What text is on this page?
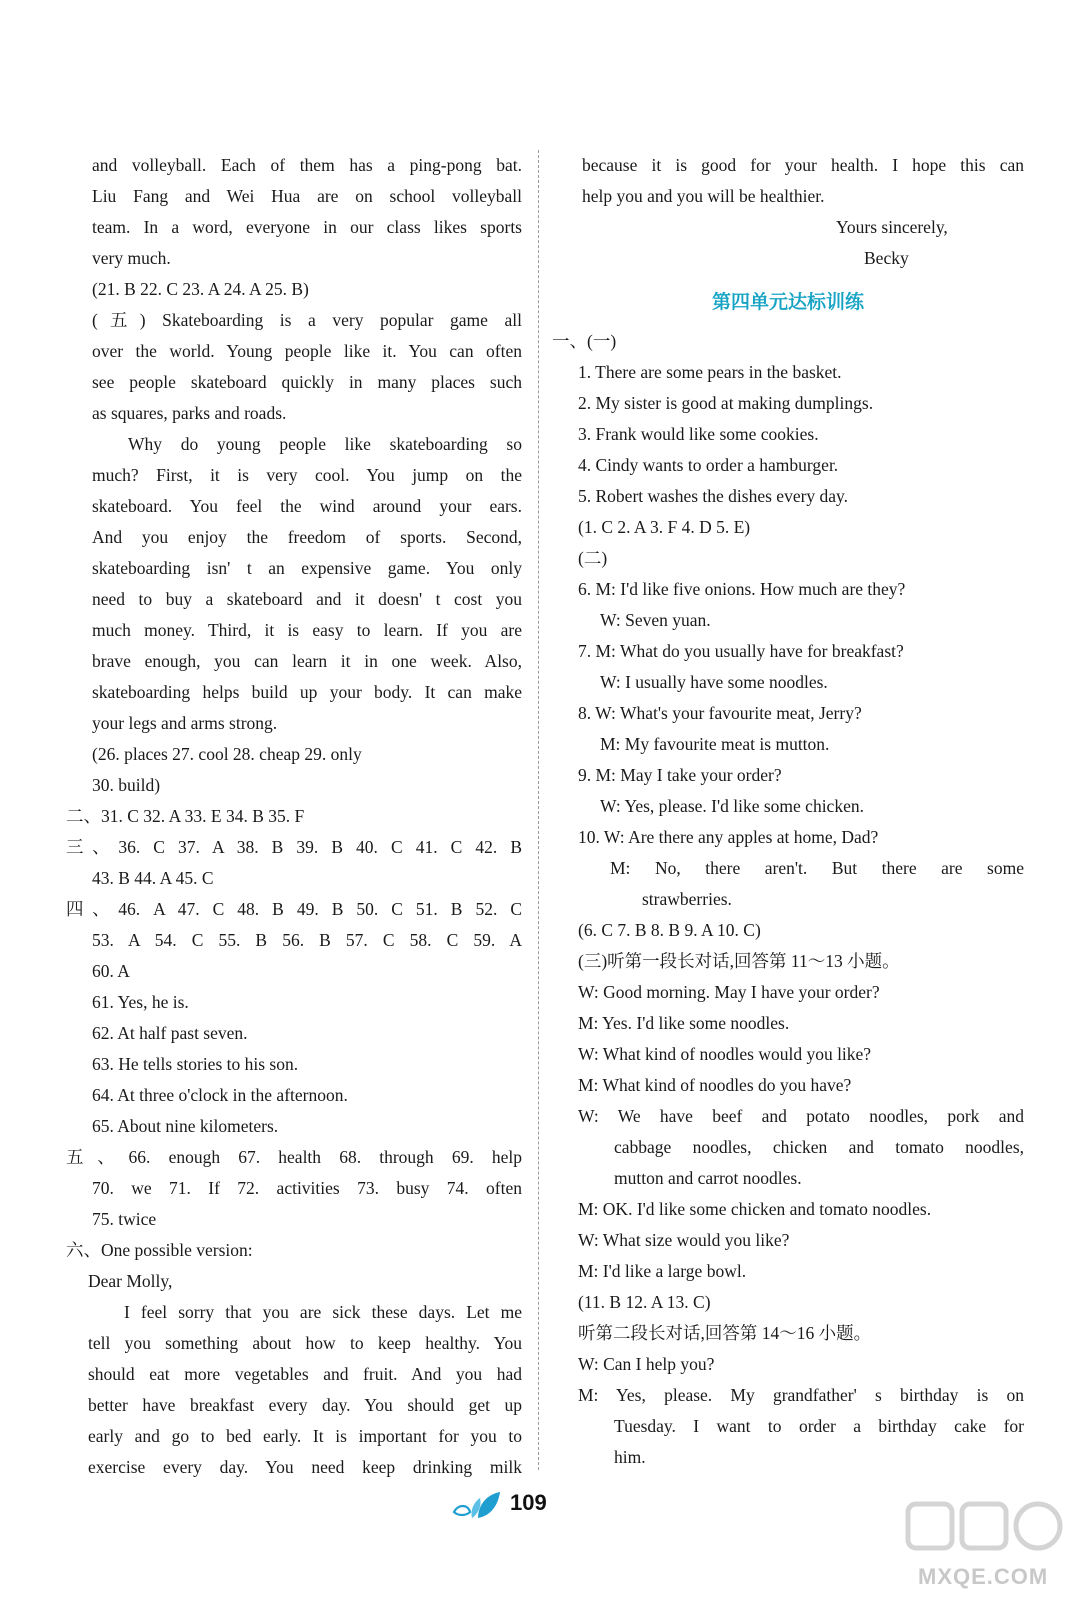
and volleyball. Each of them has a ping-pong bat.
Liu Fang and Wei Hua are on school volleyball
team. In a word, everyone in our class likes sports
very much.
(21. B 22. C 23. A 24. A 25. B)
(五) Skateboarding is a very popular game all
over the world. Young people like it. You can often
see people skateboard quickly in many places such
as squares, parks and roads.
Why do young people like skateboarding so
much? First, it is very cool. You jump on the
skateboard. You feel the wind around your ears.
And you enjoy the freedom of sports. Second,
skateboarding isn' t an expensive game. You only
need to buy a skateboard and it doesn' t cost you
much money. Third, it is easy to learn. If you are
brave enough, you can learn it in one week. Also,
skateboarding helps build up your body. It can make
your legs and arms strong.
(26. places 27. cool 28. cheap 29. only
30. build)
二、31. C 32. A 33. E 34. B 35. F
三、36. C 37. A 38. B 39. B 40. C 41. C 42. B
43. B 44. A 45. C
四、46. A 47. C 48. B 49. B 50. C 51. B 52. C
53. A 54. C 55. B 56. B 57. C 58. C 59. A
60. A
61. Yes, he is.
62. At half past seven.
63. He tells stories to his son.
64. At three o'clock in the afternoon.
65. About nine kilometers.
五、66. enough 67. health 68. through 69. help
70. we 71. If 72. activities 73. busy 74. often
75. twice
六、One possible version:
Dear Molly,
I feel sorry that you are sick these days. Let me
tell you something about how to keep healthy. You
should eat more vegetables and fruit. And you had
better have breakfast every day. You should get up
early and go to bed early. It is important for you to
exercise every day. You need keep drinking milk
because it is good for your health. I hope this can
help you and you will be healthier.
Yours sincerely,
Becky
第四单元达标训练
一、(一)
1. There are some pears in the basket.
2. My sister is good at making dumplings.
3. Frank would like some cookies.
4. Cindy wants to order a hamburger.
5. Robert washes the dishes every day.
(1. C 2. A 3. F 4. D 5. E)
(二)
6. M: I'd like five onions. How much are they?
W: Seven yuan.
7. M: What do you usually have for breakfast?
W: I usually have some noodles.
8. W: What's your favourite meat, Jerry?
M: My favourite meat is mutton.
9. M: May I take your order?
W: Yes, please. I'd like some chicken.
10. W: Are there any apples at home, Dad?
M: No, there aren't. But there are some
strawberries.
(6. C 7. B 8. B 9. A 10. C)
(三)听第一段长对话,回答第 11～13 小题。
W: Good morning. May I have your order?
M: Yes. I'd like some noodles.
W: What kind of noodles would you like?
M: What kind of noodles do you have?
W: We have beef and potato noodles, pork and
cabbage noodles, chicken and tomato noodles,
mutton and carrot noodles.
M: OK. I'd like some chicken and tomato noodles.
W: What size would you like?
M: I'd like a large bowl.
(11. B 12. A 13. C)
听第二段长对话,回答第 14～16 小题。
W: Can I help you?
M: Yes, please. My grandfather' s birthday is on
Tuesday. I want to order a birthday cake for
him.
109
MXQE.COM
